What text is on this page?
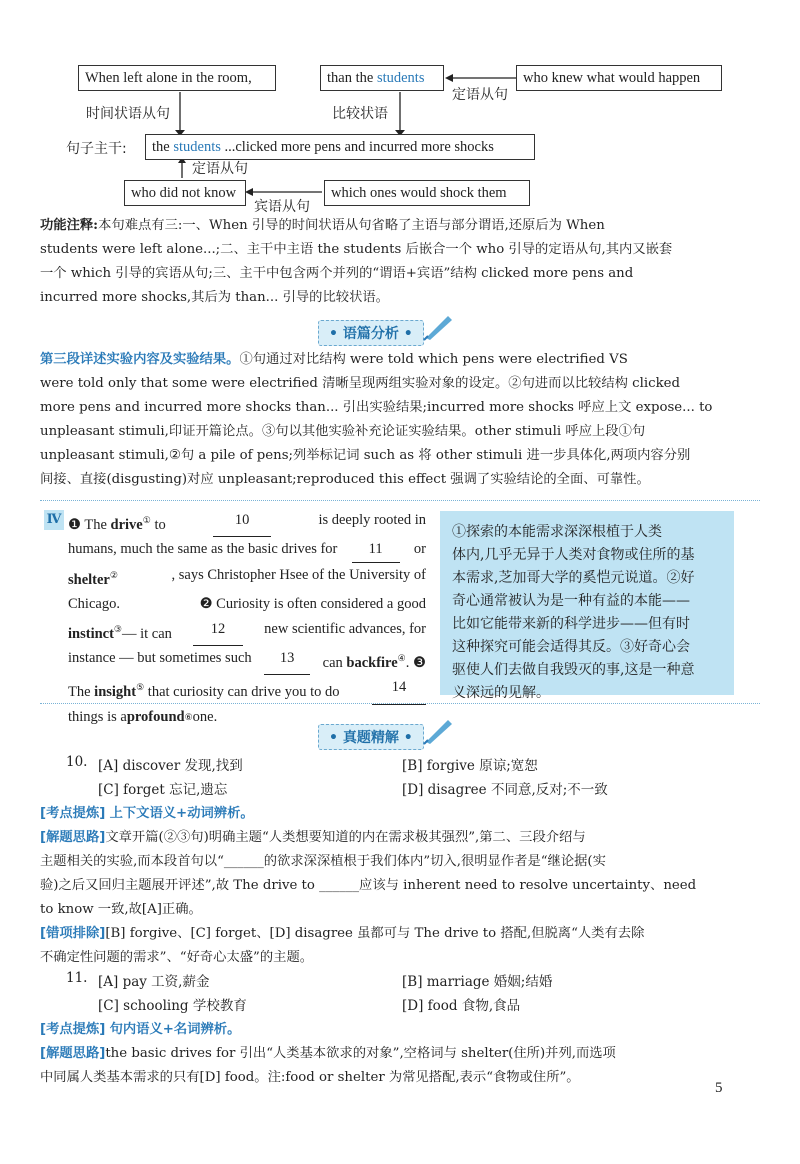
When left alone in the room,	than the students	who knew what would happen
时间状语从句	比较状语
定语从句
句子主干:	the students ...clicked more pens and incurred more shocks
定语从句
who did not know	which ones would shock them
宾语从句
功能注释:本句难点有三:一、When 引导的时间状语从句省略了主语与部分谓语,还原后为 When
students were left alone...;二、主干中主语 the students 后嵌合一个 who 引导的定语从句,其内又嵌套
一个 which 引导的宾语从句;三、主干中包含两个并列的“谓语+宾语”结构 clicked more pens and
incurred more shocks,其后为 than... 引导的比较状语。
• 语篇分析 •
第三段详述实验内容及实验结果。①句通过对比结构 were told which pens were electrified VS
were told only that some were electrified 清晰呈现两组实验对象的设定。②句进而以比较结构 clicked
more pens and incurred more shocks than... 引出实验结果;incurred more shocks 呼应上文 expose... to
unpleasant stimuli,印证开篇论点。③句以其他实验补充论证实验结果。other stimuli 呼应上段①句
unpleasant stimuli,②句 a pile of pens;列举标记词 such as 将 other stimuli 进一步具体化,两项内容分别
间接、直接(disgusting)对应 unpleasant;reproduced this effect 强调了实验结论的全面、可靠性。
Ⅳ ❶ The drive① to	10	is deeply rooted in
humans, much the same as the basic drives for	11	or
shelter②	, says Christopher Hsee of the University of
Chicago.	❷ Curiosity is often considered a good
instinct③— it can	12	new scientific advances, for
instance — but sometimes such	13	can backfire④. ❸
The insight⑤ that curiosity can drive you to do	14
things is a profound ⑥ one.
①探索的本能需求深深根植于人类
体内,几乎无异于人类对食物或住所的基
本需求,芝加哥大学的奚恺元说道。②好
奇心通常被认为是一种有益的本能——
比如它能带来新的科学进步——但有时
这种探究可能会适得其反。③好奇心会
驱使人们去做自我毁灭的事,这是一种意
义深远的见解。
• 真题精解 •
10. [A] discover 发现,找到	[B] forgive 原谅;宽恕
[C] forget 忘记,遗忘	[D] disagree 不同意,反对;不一致
[考点提炼] 上下文语义+动词辨析。
[解题思路]文章开篇(②③句)明确主题“人类想要知道的内在需求极其强烈”,第二、三段介绍与
主题相关的实验,而本段首句以“______的欲求深深植根于我们体内”切入,很明显作者是“继论据(实
验)之后又回归主题展开评述”,故 The drive to ______应该与 inherent need to resolve uncertainty、need
to know 一致,故[A]正确。
[错项排除][B] forgive、[C] forget、[D] disagree 虽都可与 The drive to 搭配,但脱离“人类有去除
不确定性问题的需求”、“好奇心太盛”的主题。
11. [A] pay 工资,薪金	[B] marriage 婚姻;结婚
[C] schooling 学校教育	[D] food 食物,食品
[考点提炼] 句内语义+名词辨析。
[解题思路]the basic drives for 引出“人类基本欲求的对象”,空格词与 shelter(住所)并列,而选项
中同属人类基本需求的只有[D] food。注:food or shelter 为常见搭配,表示“食物或住所”。
5
